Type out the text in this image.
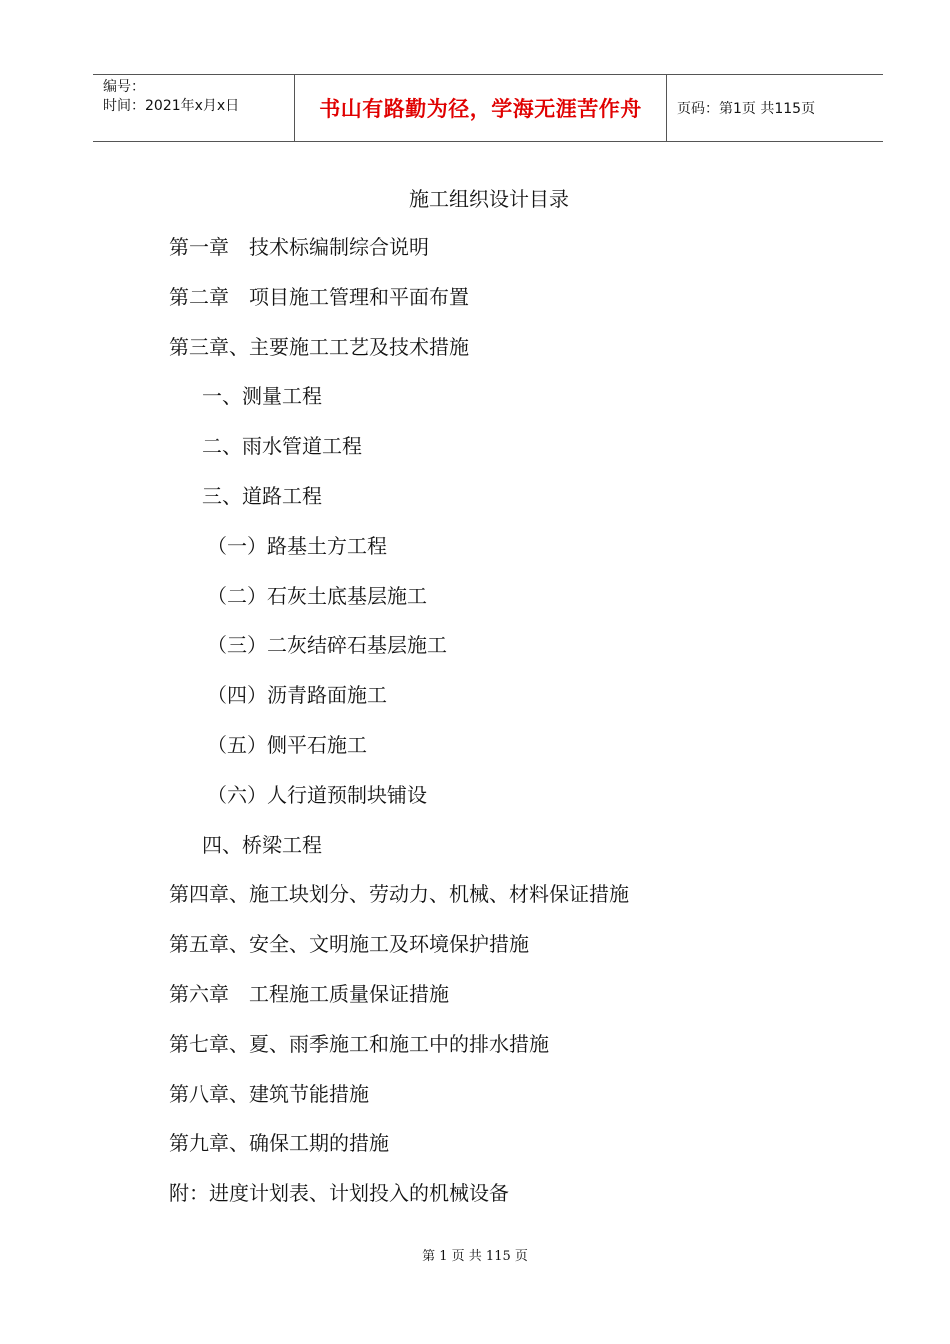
编号：
时间：2021年x月x日	书山有路勤为径，学海无涯苦作舟	页码：第1页 共115页
施工组织设计目录
第一章　技术标编制综合说明
第二章　项目施工管理和平面布置
第三章、主要施工工艺及技术措施
一、测量工程
二、雨水管道工程
三、道路工程
（一）路基土方工程
（二）石灰土底基层施工
（三）二灰结碎石基层施工
（四）沥青路面施工
（五）侧平石施工
（六）人行道预制块铺设
四、桥梁工程
第四章、施工块划分、劳动力、机械、材料保证措施
第五章、安全、文明施工及环境保护措施
第六章　工程施工质量保证措施
第七章、夏、雨季施工和施工中的排水措施
第八章、建筑节能措施
第九章、确保工期的措施
附：进度计划表、计划投入的机械设备
第 1 页 共 115 页
